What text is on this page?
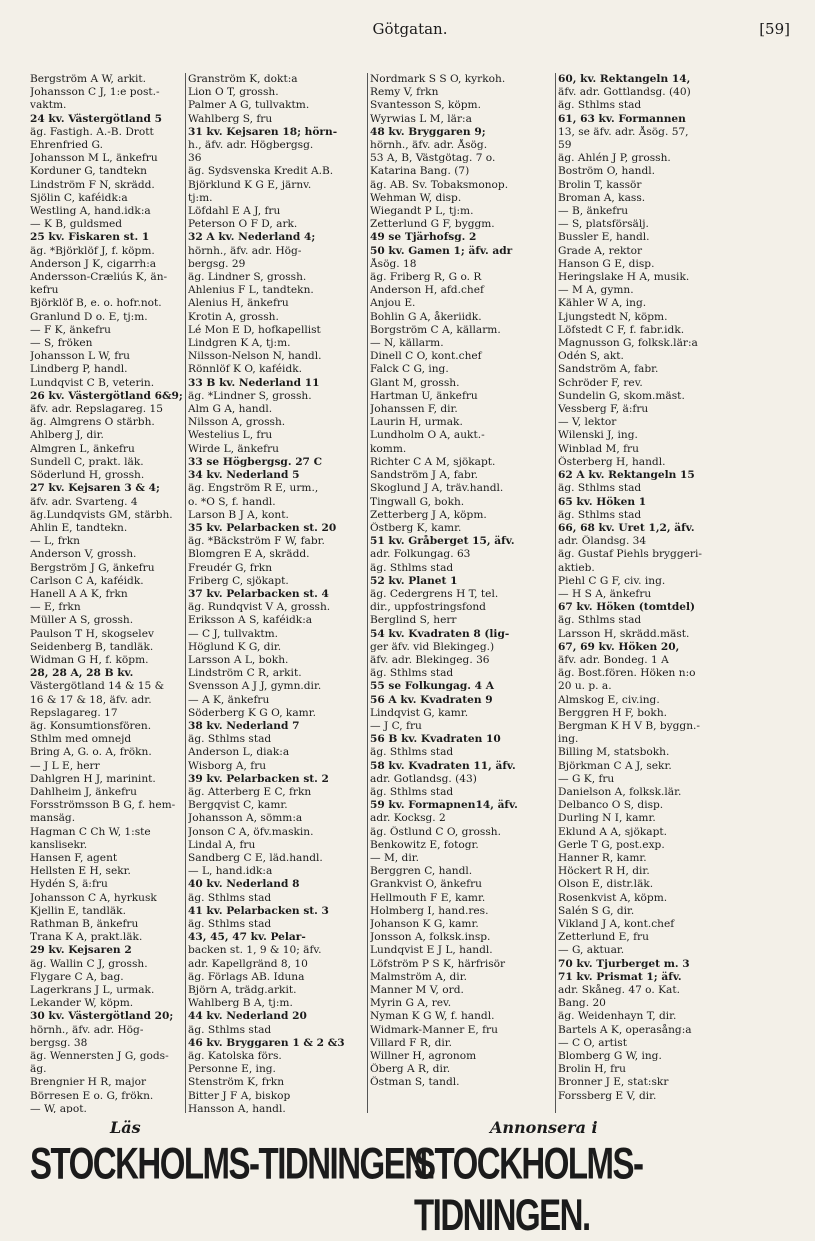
Götgatan.	[59]
Bergström A W, arkit.
Johansson C J, 1:e post.-
vaktm.
24 kv. Västergötland 5
äg. Fastigh. A.-B. Drott
Ehrenfried G.
Johansson M L, änkefru
Korduner G, tandtekn
Lindström F N, skrädd.
Sjölin C, kaféidk:a
Westling A, hand.idk:a
— K B, guldsmed
25 kv. Fiskaren st. 1
äg. *Björklöf J, f. köpm.
Anderson J K, cigarrh:a
Andersson-Cræliús K, än-
kefru
Björklöf B, e. o. hofr.not.
Granlund D o. E, tj:m.
— F K, änkefru
— S, fröken
Johansson L W, fru
Lindberg P, handl.
Lundqvist C B, veterin.
26 kv. Västergötland 6&9;
äfv. adr. Repslagareg. 15
äg. Almgrens O stärbh.
Ahlberg J, dir.
Almgren L, änkefru
Sundell C, prakt. läk.
Söderlund H, grossh.
27 kv. Kejsaren 3 & 4;
äfv. adr. Svarteng. 4
äg.Lundqvists GM, stärbh.
Ahlin E, tandtekn.
— L, frkn
Anderson V, grossh.
Bergström J G, änkefru
Carlson C A, kaféidk.
Hanell A A K, frkn
— E, frkn
Müller A S, grossh.
Paulson T H, skogselev
Seidenberg B, tandläk.
Widman G H, f. köpm.
28, 28 A, 28 B kv.
Västergötland 14 & 15 &
16 & 17 & 18, äfv. adr.
Repslagareg. 17
äg. Konsumtionsfören.
Sthlm med omnejd
Bring A, G. o. A, frökn.
— J L E, herr
Dahlgren H J, marinint.
Dahlheim J, änkefru
Forsströmsson B G, f. hem-
mansäg.
Hagman C Ch W, 1:ste
kanslisekr.
Hansen F, agent
Hellsten E H, sekr.
Hydén S, ä:fru
Johansson C A, hyrkusk
Kjellin E, tandläk.
Rathman B, änkefru
Trana K A, prakt.läk.
29 kv. Kejsaren 2
äg. Wallin C J, grossh.
Flygare C A, bag.
Lagerkrans J L, urmak.
Lekander W, köpm.
30 kv. Västergötland 20;
hörnh., äfv. adr. Hög-
bergsg. 38
äg. Wennersten J G, gods-
äg.
Brengnier H R, major
Börresen E o. G, frökn.
— W, apot.
Granström K, dokt:a
Lion O T, grossh.
Palmer A G, tullvaktm.
Wahlberg S, fru
31 kv. Kejsaren 18; hörn-
h., äfv. adr. Högbergsg.
36
äg. Sydsvenska Kredit A.B.
Björklund K G E, järnv.
tj:m.
Löfdahl E A J, fru
Peterson O F D, ark.
32 A kv. Nederland 4;
hörnh., äfv. adr. Hög-
bergsg. 29
äg. Lindner S, grossh.
Ahlenius F L, tandtekn.
Alenius H, änkefru
Krotin A, grossh.
Lé Mon E D, hofkapellist
Lindgren K A, tj:m.
Nilsson-Nelson N, handl.
Rönnlöf K O, kaféidk.
33 B kv. Nederland 11
äg. *Lindner S, grossh.
Alm G A, handl.
Nilsson A, grossh.
Westelius L, fru
Wirde L, änkefru
33 se Högbergsg. 27 C
34 kv. Nederland 5
äg. Engström R E, urm.,
o. *O S, f. handl.
Larson B J A, kont.
35 kv. Pelarbacken st. 20
äg. *Bäckström F W, fabr.
Blomgren E A, skrädd.
Freudér G, frkn
Friberg C, sjökapt.
37 kv. Pelarbacken st. 4
äg. Rundqvist V A, grossh.
Eriksson A S, kaféidk:a
— C J, tullvaktm.
Höglund K G, dir.
Larsson A L, bokh.
Lindström C R, arkit.
Svensson A J J, gymn.dir.
— A K, änkefru
Söderberg K G O, kamr.
38 kv. Nederland 7
äg. Sthlms stad
Anderson L, diak:a
Wisborg A, fru
39 kv. Pelarbacken st. 2
äg. Atterberg E C, frkn
Bergqvist C, kamr.
Johansson A, sömm:a
Jonson C A, öfv.maskin.
Lindal A, fru
Sandberg C E, läd.handl.
— L, hand.idk:a
40 kv. Nederland 8
äg. Sthlms stad
41 kv. Pelarbacken st. 3
äg. Sthlms stad
43, 45, 47 kv. Pelar-
backen st. 1, 9 & 10; äfv.
adr. Kapellgränd 8, 10
äg. Förlags AB. Iduna
Björn A, trädg.arkit.
Wahlberg B A, tj:m.
44 kv. Nederland 20
äg. Sthlms stad
46 kv. Bryggaren 1 & 2 &3
äg. Katolska förs.
Personne E, ing.
Stenström K, frkn
Bitter J F A, biskop
Hansson A, handl.
Nordmark S S O, kyrkoh.
Remy V, frkn
Svantesson S, köpm.
Wyrwias L M, lär:a
48 kv. Bryggaren 9;
hörnh., äfv. adr. Åsög.
53 A, B, Västgötag. 7 o.
Katarina Bang. (7)
äg. AB. Sv. Tobaksmonop.
Wehman W, disp.
Wiegandt P L, tj:m.
Zetterlund G F, byggm.
49 se Tjärhofsg. 2
50 kv. Gamen 1; äfv. adr
Åsög. 18
äg. Friberg R, G o. R
Anderson H, afd.chef
Anjou E.
Bohlin G A, åkeriidk.
Borgström C A, källarm.
— N, källarm.
Dinell C O, kont.chef
Falck C G, ing.
Glant M, grossh.
Hartman U, änkefru
Johanssen F, dir.
Laurin H, urmak.
Lundholm O A, aukt.-
komm.
Richter C A M, sjökapt.
Sandström J A, fabr.
Skoglund J A, träv.handl.
Tingwall G, bokh.
Zetterberg J A, köpm.
Östberg K, kamr.
51 kv. Gråberget 15, äfv.
adr. Folkungag. 63
äg. Sthlms stad
52 kv. Planet 1
äg. Cedergrens H T, tel.
dir., uppfostringsfond
Berglind S, herr
54 kv. Kvadraten 8 (lig-
ger äfv. vid Blekingeg.)
äfv. adr. Blekingeg. 36
äg. Sthlms stad
55 se Folkungag. 4 A
56 A kv. Kvadraten 9
Lindqvist G, kamr.
— J C, fru
56 B kv. Kvadraten 10
äg. Sthlms stad
58 kv. Kvadraten 11, äfv.
adr. Gotlandsg. (43)
äg. Sthlms stad
59 kv. Formapnen14, äfv.
adr. Kocksg. 2
äg. Östlund C O, grossh.
Benkowitz E, fotogr.
— M, dir.
Berggren C, handl.
Grankvist O, änkefru
Hellmouth F E, kamr.
Holmberg I, hand.res.
Johanson K G, kamr.
Jonsson A, folksk.insp.
Lundqvist E J L, handl.
Löfström P S K, härfrisör
Malmström A, dir.
Manner M V, ord.
Myrin G A, rev.
Nyman K G W, f. handl.
Widmark-Manner E, fru
Villard F R, dir.
Willner H, agronom
Öberg A R, dir.
Östman S, tandl.
60, kv. Rektangeln 14,
äfv. adr. Gottlandsg. (40)
äg. Sthlms stad
61, 63 kv. Formannen
13, se äfv. adr. Åsög. 57,
59
äg. Ahlén J P, grossh.
Boström O, handl.
Brolin T, kassör
Broman A, kass.
— B, änkefru
— S, platsförsälj.
Bussler E, handl.
Grade A, rektor
Hanson G E, disp.
Heringslake H A, musik.
— M A, gymn.
Kähler W A, ing.
Ljungstedt N, köpm.
Löfstedt C F, f. fabr.idk.
Magnusson G, folksk.lär:a
Odén S, akt.
Sandström A, fabr.
Schröder F, rev.
Sundelin G, skom.mäst.
Vessberg F, ä:fru
— V, lektor
Wilenski J, ing.
Winblad M, fru
Österberg H, handl.
62 A kv. Rektangeln 15
äg. Sthlms stad
65 kv. Höken 1
äg. Sthlms stad
66, 68 kv. Uret 1,2, äfv.
adr. Ölandsg. 34
äg. Gustaf Piehls bryggeri-
aktieb.
Piehl C G F, civ. ing.
— H S A, änkefru
67 kv. Höken (tomtdel)
äg. Sthlms stad
Larsson H, skrädd.mäst.
67, 69 kv. Höken 20,
äfv. adr. Bondeg. 1 A
äg. Bost.fören. Höken n:o
20 u. p. a.
Almskog E, civ.ing.
Berggren H F, bokh.
Bergman K H V B, byggn.-
ing.
Billing M, statsbokh.
Björkman C A J, sekr.
— G K, fru
Danielson A, folksk.lär.
Delbanco O S, disp.
Durling N I, kamr.
Eklund A A, sjökapt.
Gerle T G, post.exp.
Hanner R, kamr.
Höckert R H, dir.
Olson E, distr.läk.
Rosenkvist A, köpm.
Salén S G, dir.
Vikland J A, kont.chef
Zetterlund E, fru
— G, aktuar.
70 kv. Tjurberget m. 3
71 kv. Prismat 1; äfv.
adr. Skåneg. 47 o. Kat.
Bang. 20
äg. Weidenhayn T, dir.
Bartels A K, operasång:a
— C O, artist
Blomberg G W, ing.
Brolin H, fru
Bronner J E, stat:skr
Forssberg E V, dir.
Läs	Annonsera i
STOCKHOLMS-TIDNINGEN.
STOCKHOLMS-TIDNINGEN.
